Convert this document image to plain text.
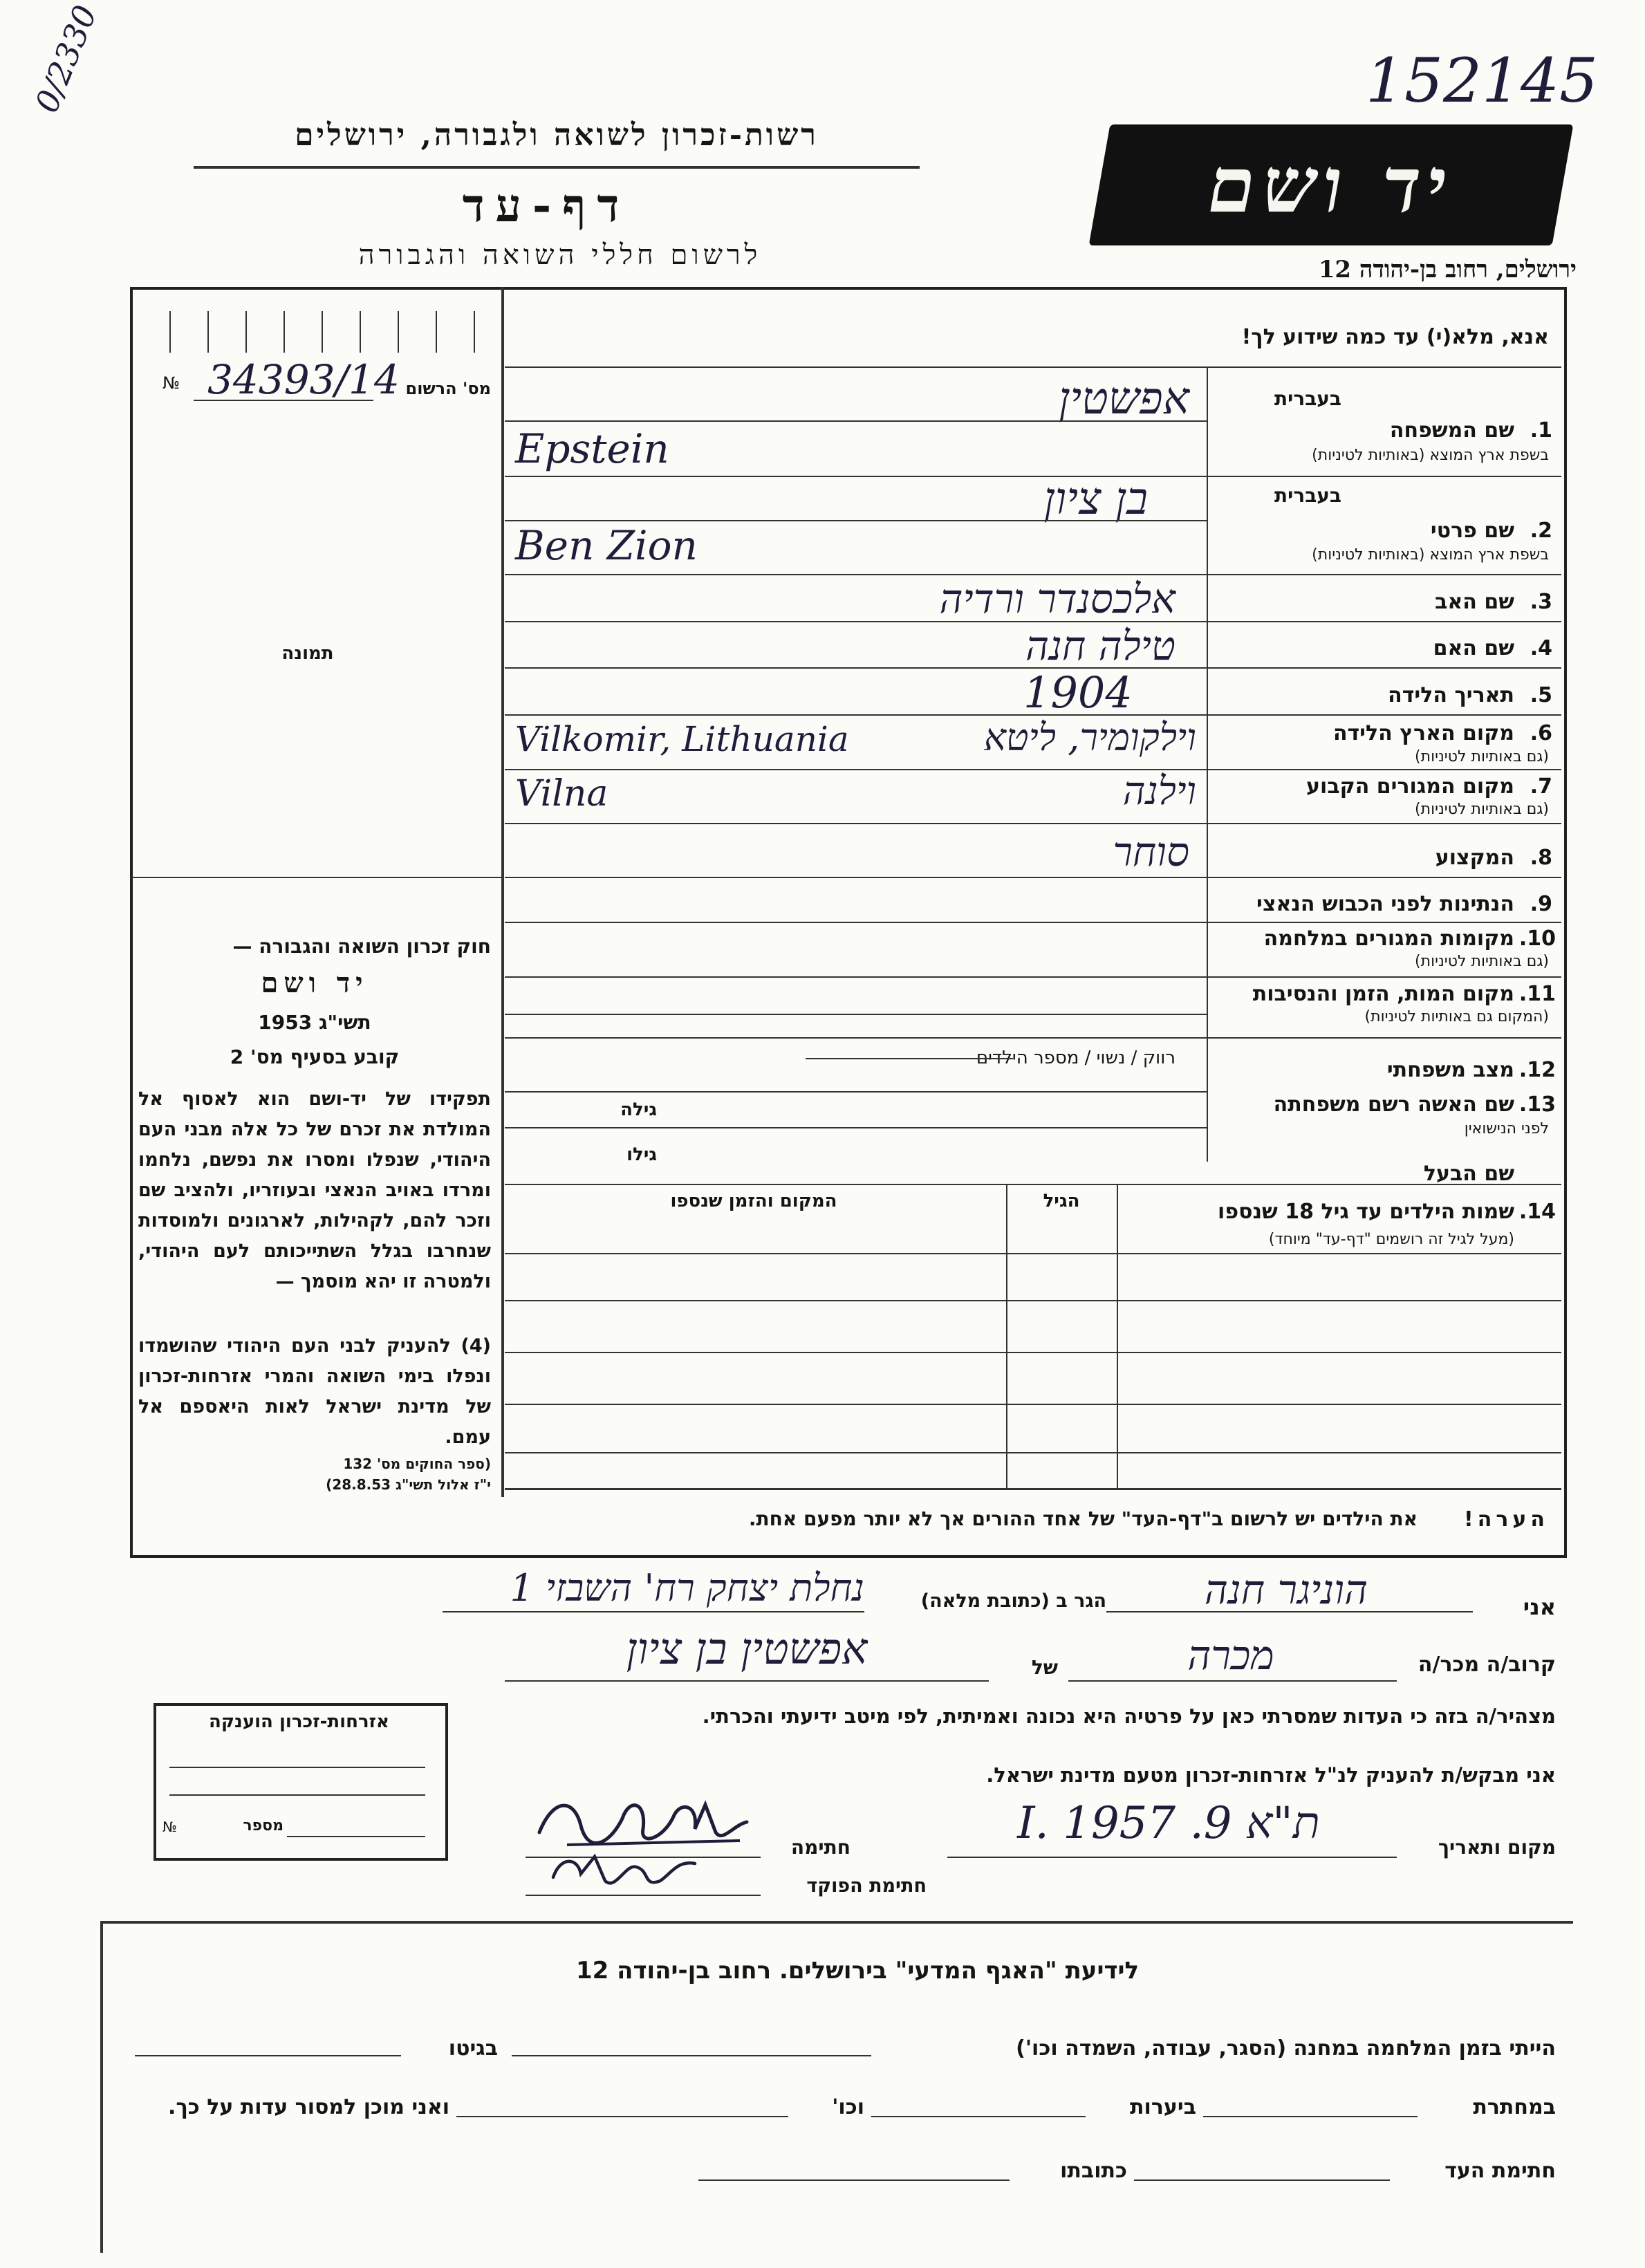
0/2330	152145
רשות-זכרון לשואה ולגבורה, ירושלים
דף-עד
לרשום חללי השואה והגבורה
יד ושם
ירושלים, רחוב בן-יהודה 12
№ 34393/14 מס' הרשום
תמונה
חוק זכרון השואה והגבורה —
יד ושם
תשי"ג 1953
קובע בסעיף מס' 2
תפקידו של יד-ושם הוא לאסוף אל המולדת את זכרם של כל אלה מבני העם היהודי, שנפלו ומסרו את נפשם, נלחמו ומרדו באויב הנאצי ובעוזריו, ולהציב שם וזכר להם, לקהילות, לארגונים ולמוסדות שנחרבו בגלל השתייכותם לעם היהודי, ולמטרה זו יהא מוסמך —
(4) להעניק לבני העם היהודי שהושמדו ונפלו בימי השואה והמרי אזרחות-זכרון של מדינת ישראל לאות היאספם אל עמם.
(ספר החוקים מס' 132
י"ז אלול תשי"ג 28.8.53)
אנא, מלא(י) עד כמה שידוע לך!
בעברית
1.
שם המשפחה
בשפת ארץ המוצא (באותיות לטיניות)
אפשטין
Epstein
בעברית
2.
שם פרטי
בשפת ארץ המוצא (באותיות לטיניות)
בן ציון
Ben Zion
3.
שם האב
אלכסנדר ורדיה
4.
שם האם
טילה חנה
5.
תאריך הלידה
1904
6.
מקום הארץ הלידה
(גם באותיות לטיניות)
וילקומיר, ליטא
Vilkomir, Lithuania
7.
מקום המגורים הקבוע
(גם באותיות לטיניות)
וילנה
Vilna
8.
המקצוע
סוחר
9.
הנתינות לפני הכבוש הנאצי
10.
מקומות המגורים במלחמה
(גם באותיות לטיניות)
11.
מקום המות, הזמן והנסיבות
(המקום גם באותיות לטיניות)
12.
מצב משפחתי
רווק / נשוי / מספר הילדים
13.
שם האשה רשם משפחתה
לפני הנישואין
גילה
שם הבעל
גילו
14.
שמות הילדים עד גיל 18 שנספו
(מעל לגיל זה רושמים "דף-עד" מיוחד)
הגיל
המקום והזמן שנספו
הערה!
את הילדים יש לרשום ב"דף-העד" של אחד ההורים אך לא יותר מפעם אחת.
אני
הוניגר חנה
הגר ב (כתובת מלאה)
נחלת יצחק רח' השבזי 1
קרוב/ה מכר/ה
מכרה
של
אפשטין בן ציון
מצהיר/ה בזה כי העדות שמסרתי כאן על פרטיה היא נכונה ואמיתית, לפי מיטב ידיעתי והכרתי.
אני מבקש/ת להעניק לנ"ל אזרחות-זכרון מטעם מדינת ישראל.
מקום ותאריך
ת"א 9. I. 1957
חתימה
חתימת הפוקד
אזרחות-זכרון הוענקה
№	מספר
לידיעת "האגף המדעי" בירושלים. רחוב בן-יהודה 12
הייתי בזמן המלחמה במחנה (הסגר, עבודה, השמדה וכו')
בגיטו
במחתרת
ביערות
וכו'
ואני מוכן למסור עדות על כך.
חתימת העד
כתובתו
